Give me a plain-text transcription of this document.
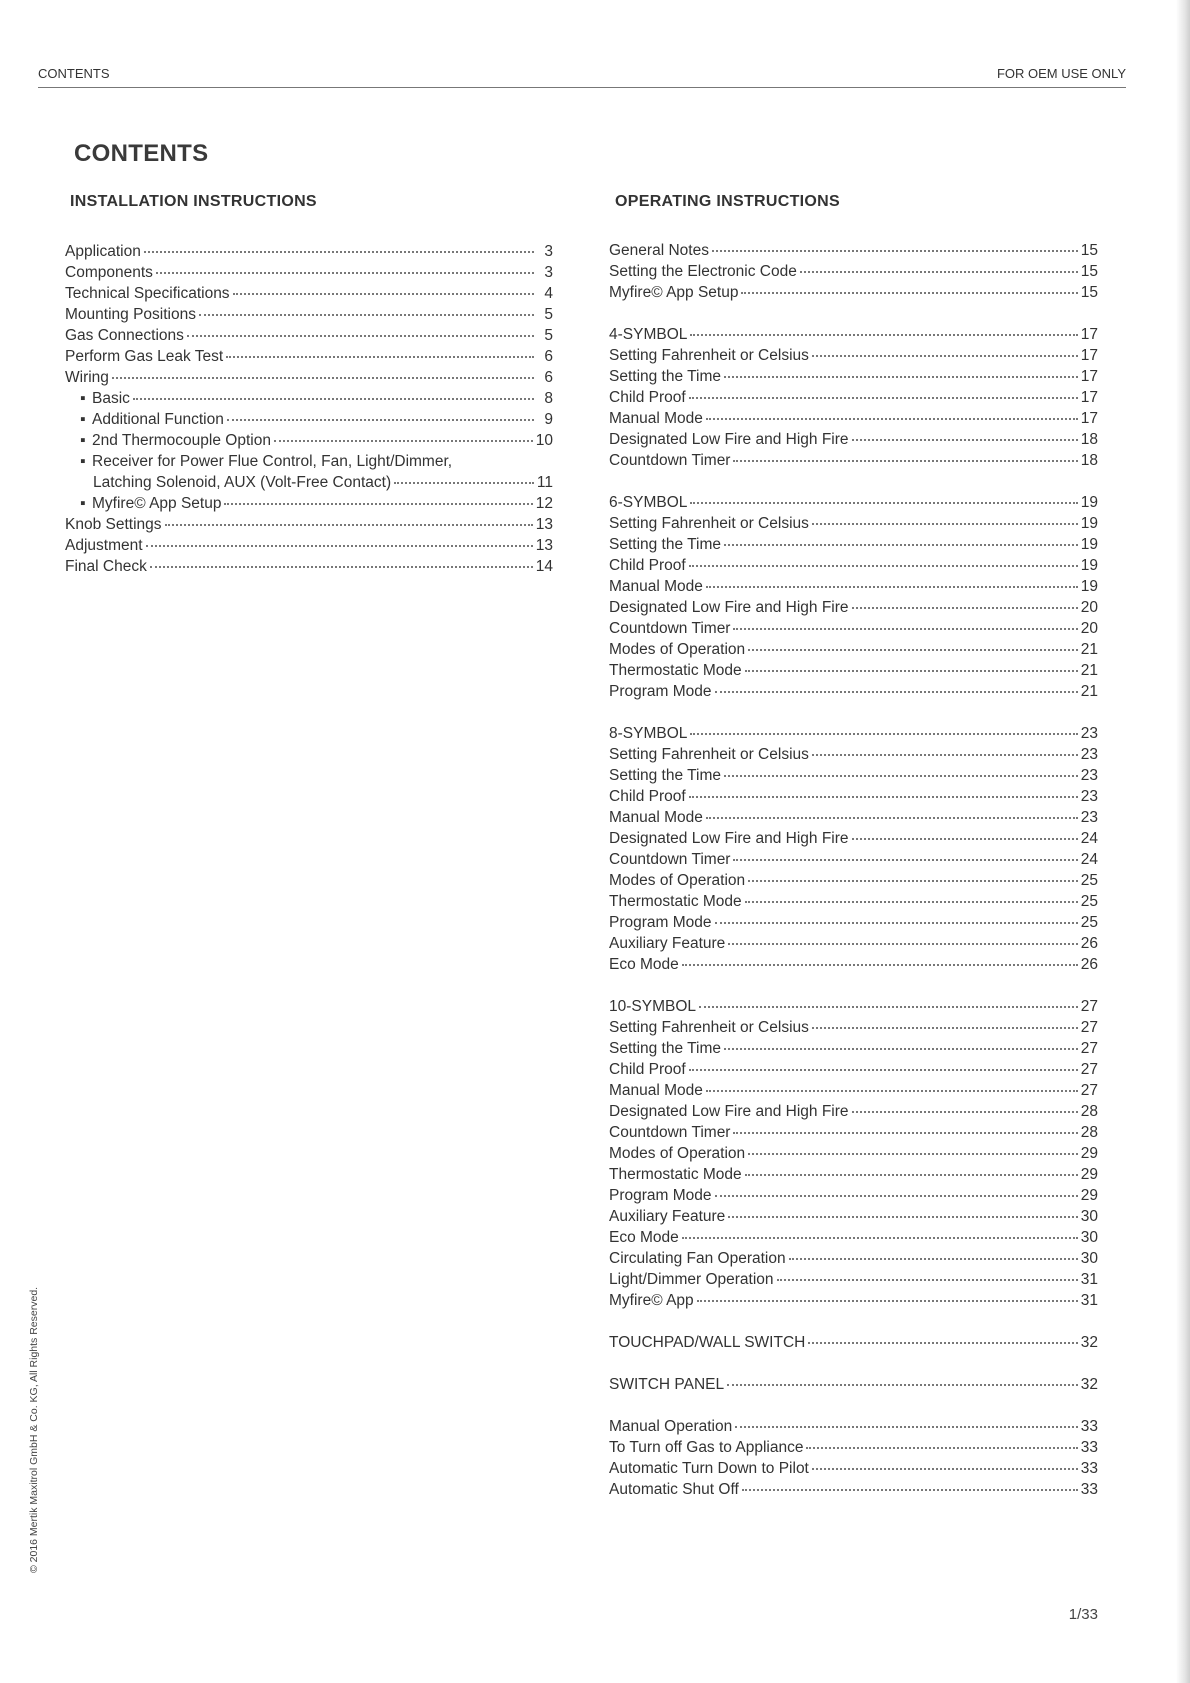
CONTENTS	FOR OEM USE ONLY
CONTENTS
INSTALLATION INSTRUCTIONS	OPERATING INSTRUCTIONS
Application	3
Components	3
Technical Specifications	4
Mounting Positions	5
Gas Connections	5
Perform Gas Leak Test	6
Wiring	6
▪ Basic	8
▪ Additional Function	9
▪ 2nd Thermocouple Option	10
▪ Receiver for Power Flue Control, Fan, Light/Dimmer,
Latching Solenoid, AUX (Volt-Free Contact)	11
▪ Myfire© App Setup	12
Knob Settings	13
Adjustment	13
Final Check	14
General Notes	15
Setting the Electronic Code	15
Myfire© App Setup	15
4-SYMBOL	17
Setting Fahrenheit or Celsius	17
Setting the Time	17
Child Proof	17
Manual Mode	17
Designated Low Fire and High Fire	18
Countdown Timer	18
6-SYMBOL	19
Setting Fahrenheit or Celsius	19
Setting the Time	19
Child Proof	19
Manual Mode	19
Designated Low Fire and High Fire	20
Countdown Timer	20
Modes of Operation	21
Thermostatic Mode	21
Program Mode	21
8-SYMBOL	23
Setting Fahrenheit or Celsius	23
Setting the Time	23
Child Proof	23
Manual Mode	23
Designated Low Fire and High Fire	24
Countdown Timer	24
Modes of Operation	25
Thermostatic Mode	25
Program Mode	25
Auxiliary Feature	26
Eco Mode	26
10-SYMBOL	27
Setting Fahrenheit or Celsius	27
Setting the Time	27
Child Proof	27
Manual Mode	27
Designated Low Fire and High Fire	28
Countdown Timer	28
Modes of Operation	29
Thermostatic Mode	29
Program Mode	29
Auxiliary Feature	30
Eco Mode	30
Circulating Fan Operation	30
Light/Dimmer Operation	31
Myfire© App	31
TOUCHPAD/WALL SWITCH	32
SWITCH PANEL	32
Manual Operation	33
To Turn off Gas to Appliance	33
Automatic Turn Down to Pilot	33
Automatic Shut Off	33
© 2016 Mertik Maxitrol GmbH & Co. KG, All Rights Reserved.
1/33
